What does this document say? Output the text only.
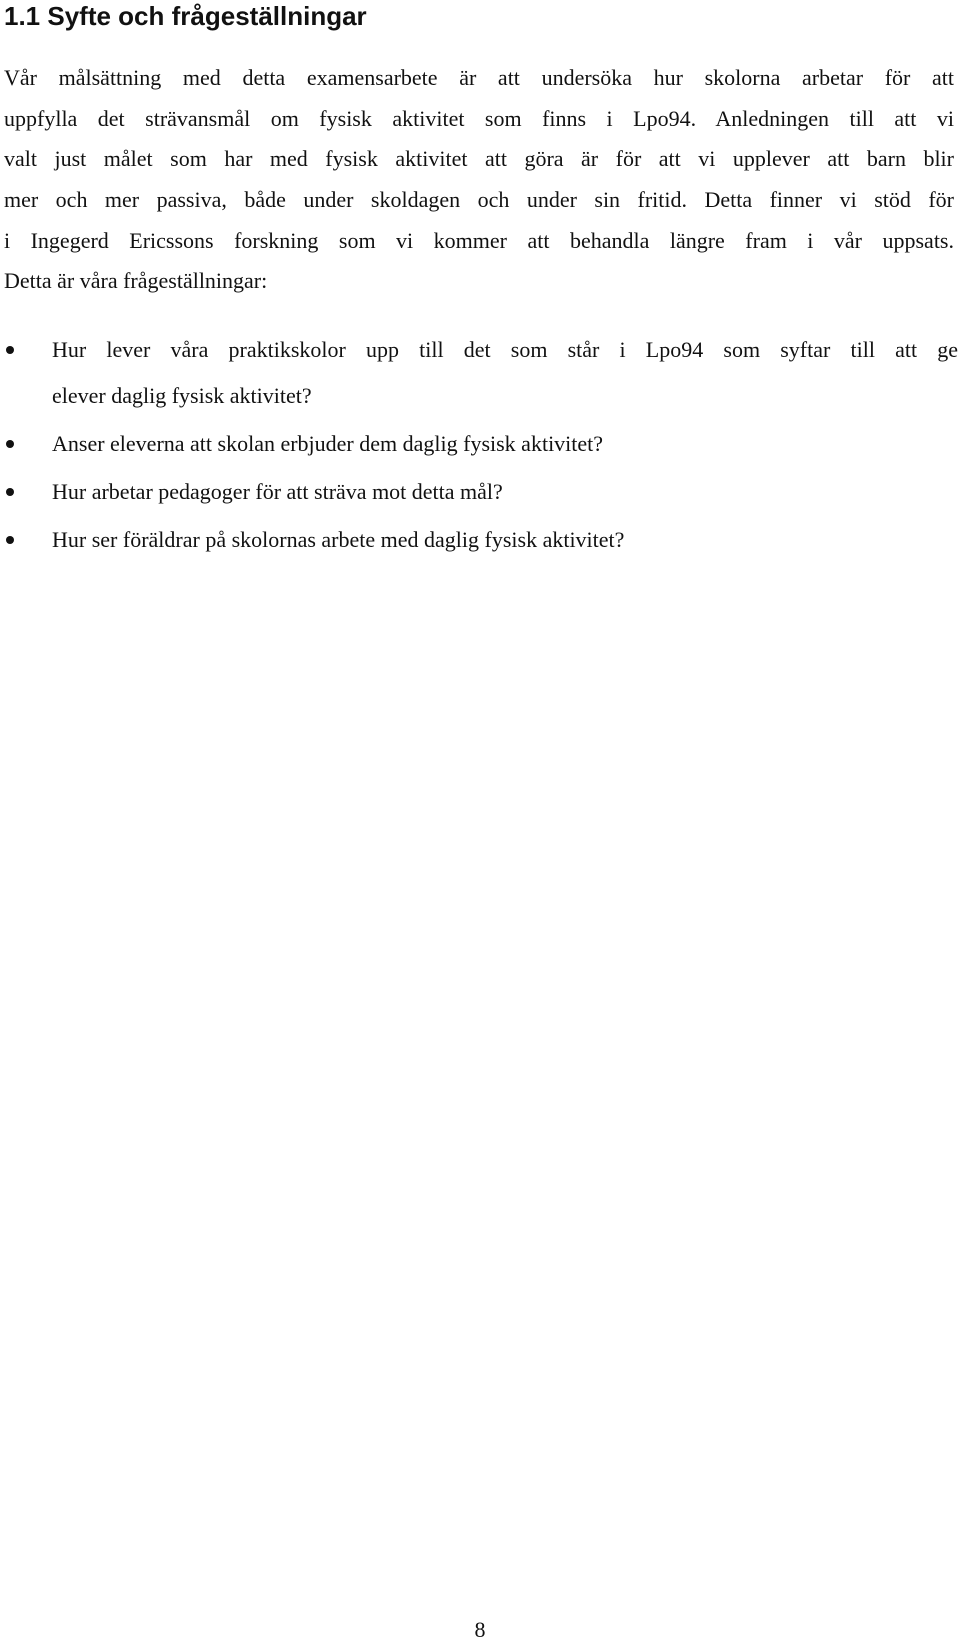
1.1 Syfte och frågeställningar
Vår målsättning med detta examensarbete är att undersöka hur skolorna arbetar för att
uppfylla det strävansmål om fysisk aktivitet som finns i Lpo94. Anledningen till att vi
valt just målet som har med fysisk aktivitet att göra är för att vi upplever att barn blir
mer och mer passiva, både under skoldagen och under sin fritid. Detta finner vi stöd för
i Ingegerd Ericssons forskning som vi kommer att behandla längre fram i vår uppsats.
Detta är våra frågeställningar:
Hur lever våra praktikskolor upp till det som står i Lpo94 som syftar till att ge
elever daglig fysisk aktivitet?
Anser eleverna att skolan erbjuder dem daglig fysisk aktivitet?
Hur arbetar pedagoger för att sträva mot detta mål?
Hur ser föräldrar på skolornas arbete med daglig fysisk aktivitet?
8
